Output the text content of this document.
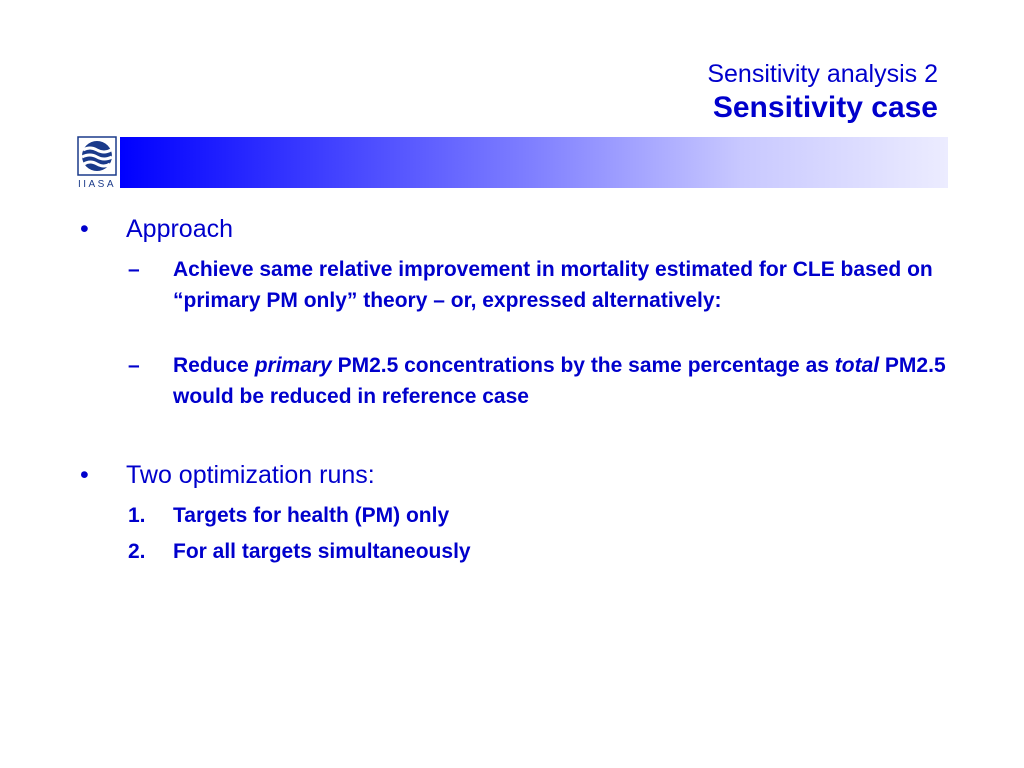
Sensitivity analysis 2
Sensitivity case
IIASA
•	Approach
–	Achieve same relative improvement in mortality estimated for CLE based on “primary PM only” theory – or, expressed alternatively:
–	Reduce primary PM2.5 concentrations by the same percentage as total PM2.5 would be reduced in reference case
•	Two optimization runs:
1.	Targets for health (PM) only
2.	For all targets simultaneously
